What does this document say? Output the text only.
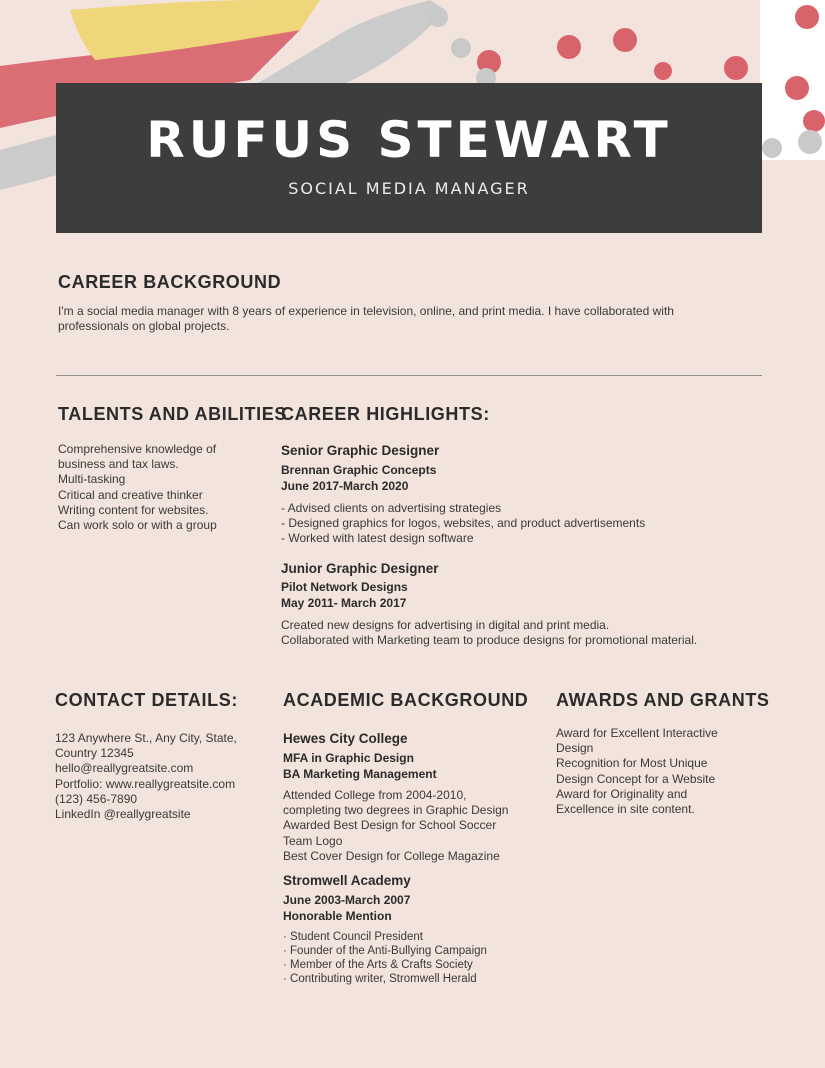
RUFUS STEWART
SOCIAL MEDIA MANAGER
CAREER BACKGROUND
I'm a social media manager with 8 years of experience in television, online, and print media. I have collaborated with
professionals on global projects.
TALENTS AND ABILITIES
Comprehensive knowledge of
business and tax laws.
Multi-tasking
Critical and creative thinker
Writing content for websites.
Can work solo or with a group
CAREER HIGHLIGHTS:
Senior Graphic Designer
Brennan Graphic Concepts
June 2017-March 2020
- Advised clients on advertising strategies
- Designed graphics for logos, websites, and product advertisements
- Worked with latest design software
Junior Graphic Designer
Pilot Network Designs
May 2011- March 2017
Created new designs for advertising in digital and print media.
Collaborated with Marketing team to produce designs for promotional material.
CONTACT DETAILS:
123 Anywhere St., Any City, State,
Country 12345
hello@reallygreatsite.com
Portfolio: www.reallygreatsite.com
(123) 456-7890
LinkedIn @reallygreatsite
ACADEMIC BACKGROUND
Hewes City College
MFA in Graphic Design
BA Marketing Management
Attended College from 2004-2010,
completing two degrees in Graphic Design
Awarded Best Design for School Soccer
Team Logo
Best Cover Design for College Magazine
Stromwell Academy
June 2003-March 2007
Honorable Mention
· Student Council President
· Founder of the Anti-Bullying Campaign
· Member of the Arts & Crafts Society
· Contributing writer, Stromwell Herald
AWARDS AND GRANTS
Award for Excellent Interactive
Design
Recognition for Most Unique
Design Concept for a Website
Award for Originality and
Excellence in site content.
